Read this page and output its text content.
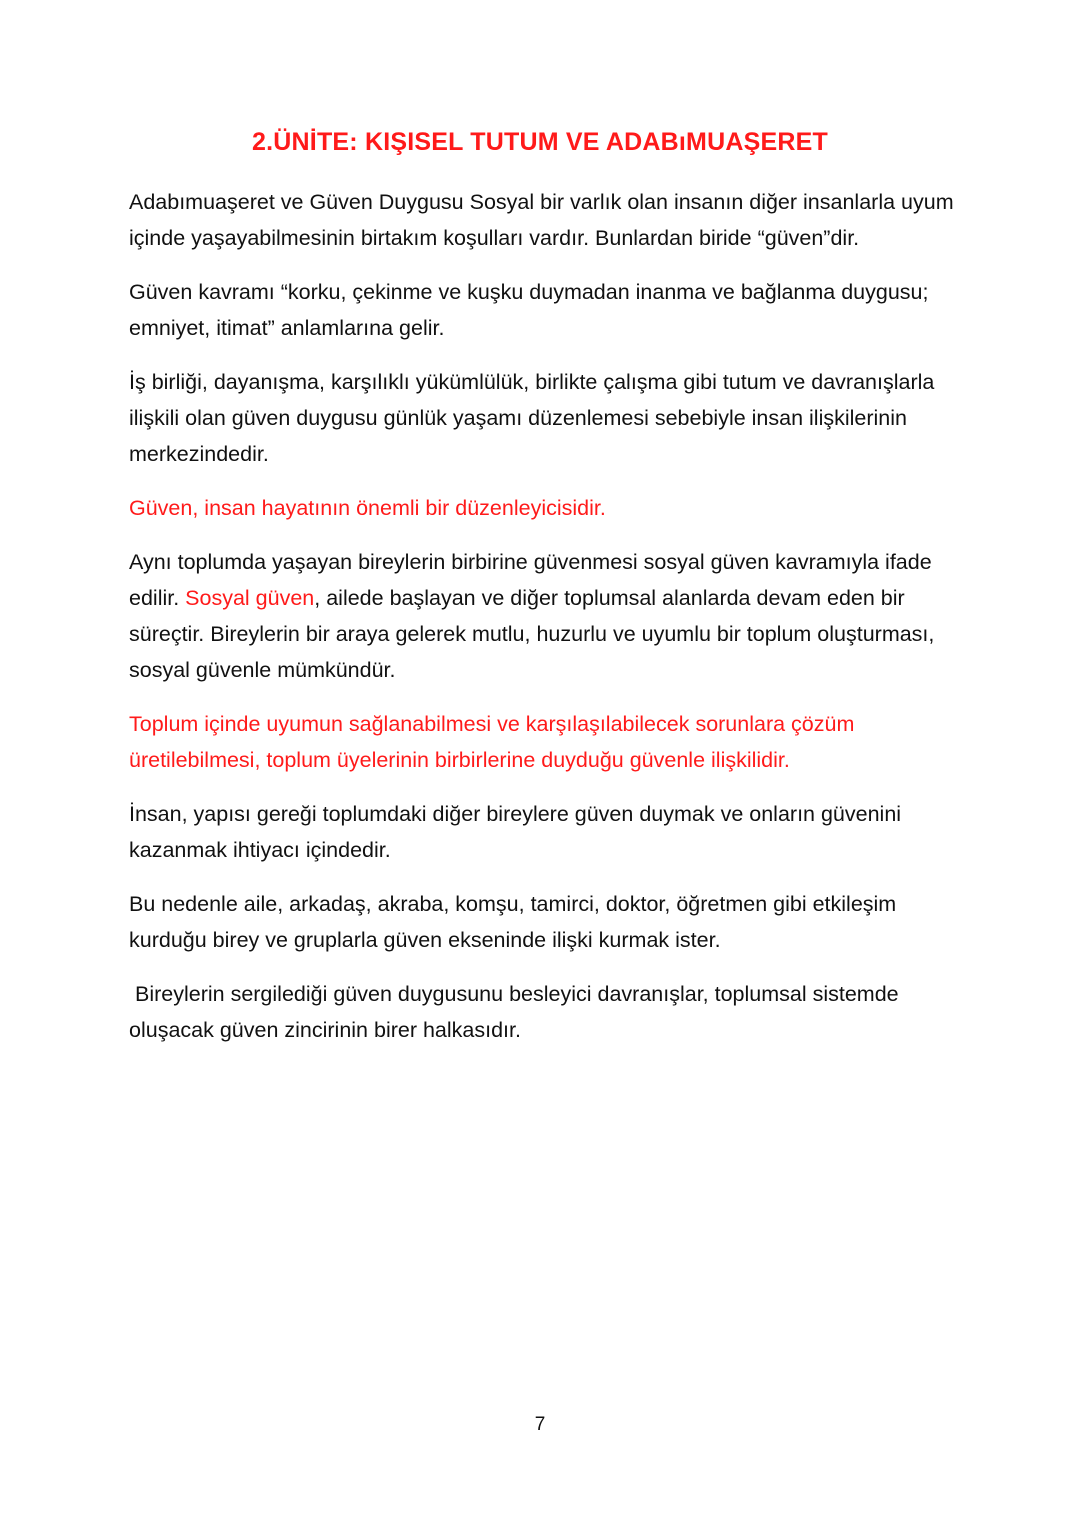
2.ÜNİTE: KIŞISEL TUTUM VE ADABıMUAŞERET

Adabımuaşeret ve Güven Duygusu Sosyal bir varlık olan insanın diğer insanlarla uyum içinde yaşayabilmesinin birtakım koşulları vardır. Bunlardan biride “güven”dir.

Güven kavramı “korku, çekinme ve kuşku duymadan inanma ve bağlanma duygusu; emniyet, itimat” anlamlarına gelir.

İş birliği, dayanışma, karşılıklı yükümlülük, birlikte çalışma gibi tutum ve davranışlarla ilişkili olan güven duygusu günlük yaşamı düzenlemesi sebebiyle insan ilişkilerinin merkezindedir.

Güven, insan hayatının önemli bir düzenleyicisidir.

Aynı toplumda yaşayan bireylerin birbirine güvenmesi sosyal güven kavramıyla ifade edilir. Sosyal güven, ailede başlayan ve diğer toplumsal alanlarda devam eden bir süreçtir. Bireylerin bir araya gelerek mutlu, huzurlu ve uyumlu bir toplum oluşturması, sosyal güvenle mümkündür.

Toplum içinde uyumun sağlanabilmesi ve karşılaşılabilecek sorunlara çözüm üretilebilmesi, toplum üyelerinin birbirlerine duyduğu güvenle ilişkilidir.

İnsan, yapısı gereği toplumdaki diğer bireylere güven duymak ve onların güvenini kazanmak ihtiyacı içindedir.

Bu nedenle aile, arkadaş, akraba, komşu, tamirci, doktor, öğretmen gibi etkileşim kurduğu birey ve gruplarla güven ekseninde ilişki kurmak ister.

Bireylerin sergilediği güven duygusunu besleyici davranışlar, toplumsal sistemde oluşacak güven zincirinin birer halkasıdır.

7
